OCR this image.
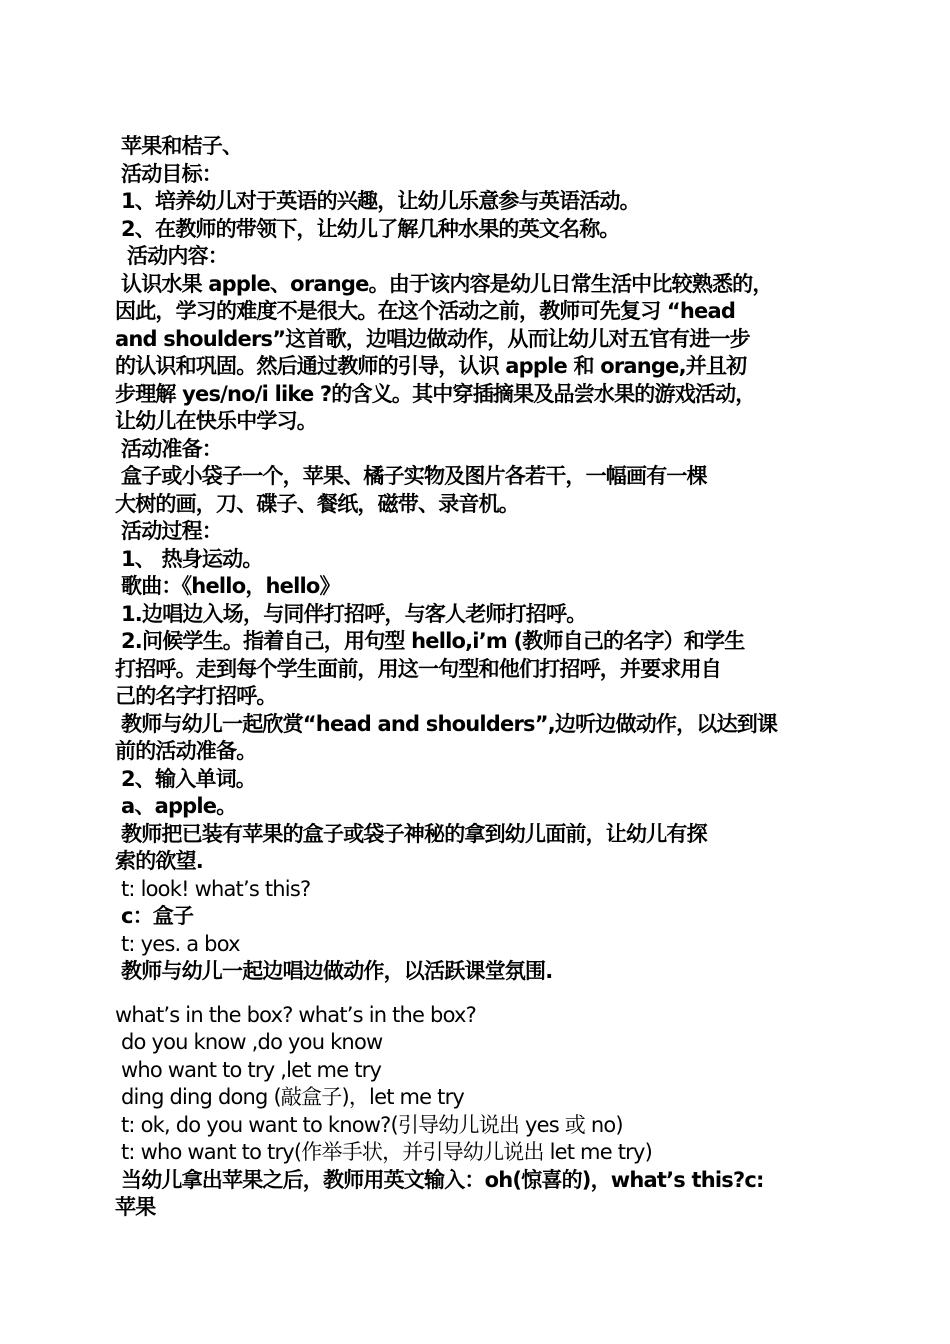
苹果和桔子、
活动目标：
1、培养幼儿对于英语的兴趣，让幼儿乐意参与英语活动。
2、在教师的带领下，让幼儿了解几种水果的英文名称。
活动内容：
认识水果 apple、orange。由于该内容是幼儿日常生活中比较熟悉的，
因此，学习的难度不是很大。在这个活动之前，教师可先复习 “head
and shoulders”这首歌，边唱边做动作，从而让幼儿对五官有进一步
的认识和巩固。然后通过教师的引导，认识 apple 和 orange,并且初
步理解 yes/no/i like ?的含义。其中穿插摘果及品尝水果的游戏活动，
让幼儿在快乐中学习。
活动准备：
盒子或小袋子一个，苹果、橘子实物及图片各若干，一幅画有一棵
大树的画，刀、碟子、餐纸，磁带、录音机。
活动过程：
1、 热身运动。
歌曲：《hello，hello》
1.边唱边入场，与同伴打招呼，与客人老师打招呼。
2.问候学生。指着自己，用句型 hello,i’m (教师自己的名字）和学生
打招呼。走到每个学生面前，用这一句型和他们打招呼，并要求用自
己的名字打招呼。
教师与幼儿一起欣赏“head and shoulders”,边听边做动作，以达到课
前的活动准备。
2、输入单词。
a、apple。
教师把已装有苹果的盒子或袋子神秘的拿到幼儿面前，让幼儿有探
索的欲望.
t: look! what’s this?
c：盒子
t: yes. a box
教师与幼儿一起边唱边做动作，以活跃课堂氛围.
what’s in the box? what’s in the box?
do you know ,do you know
who want to try ,let me try
ding ding dong (敲盒子)，let me try
t: ok, do you want to know?(引导幼儿说出 yes 或 no)
t: who want to try(作举手状，并引导幼儿说出 let me try)
当幼儿拿出苹果之后，教师用英文输入：oh(惊喜的)，what’s this?c:
苹果
